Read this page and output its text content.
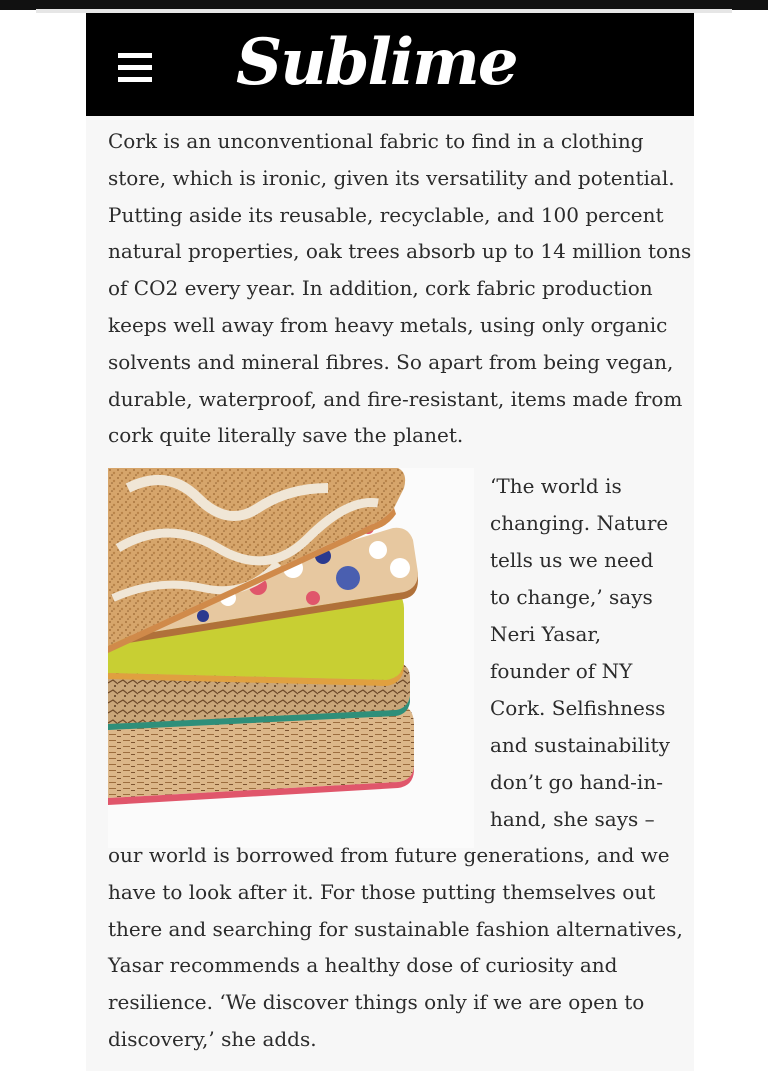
Sublime

Cork is an unconventional fabric to find in a clothing
store, which is ironic, given its versatility and potential.
Putting aside its reusable, recyclable, and 100 percent
natural properties, oak trees absorb up to 14 million tons
of CO2 every year. In addition, cork fabric production
keeps well away from heavy metals, using only organic
solvents and mineral fibres. So apart from being vegan,
durable, waterproof, and fire-resistant, items made from
cork quite literally save the planet.

‘The world is
changing. Nature
tells us we need
to change,’ says
Neri Yasar,
founder of NY
Cork. Selfishness
and sustainability
don’t go hand-in-
hand, she says –

our world is borrowed from future generations, and we
have to look after it. For those putting themselves out
there and searching for sustainable fashion alternatives,
Yasar recommends a healthy dose of curiosity and
resilience. ‘We discover things only if we are open to
discovery,’ she adds.
